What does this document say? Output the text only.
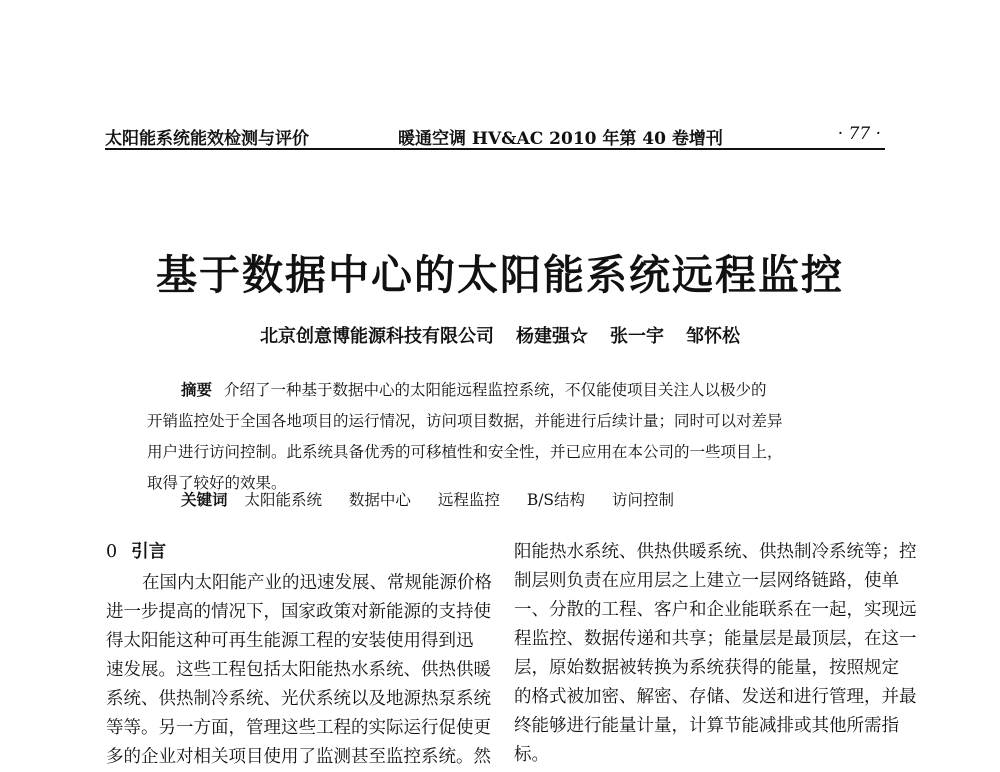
太阳能系统能效检测与评价	暖通空调 HV&AC 2010 年第 40 卷增刊	· 77 ·
基于数据中心的太阳能系统远程监控
北京创意博能源科技有限公司 杨建强☆ 张一宇 邹怀松
摘要 介绍了一种基于数据中心的太阳能远程监控系统，不仅能使项目关注人以极少的
开销监控处于全国各地项目的运行情况，访问项目数据，并能进行后续计量；同时可以对差异
用户进行访问控制。此系统具备优秀的可移植性和安全性，并已应用在本公司的一些项目上，
取得了较好的效果。
关键词 太阳能系统 数据中心 远程监控 B/S结构 访问控制
0 引言
在国内太阳能产业的迅速发展、常规能源价格
进一步提高的情况下，国家政策对新能源的支持使
得太阳能这种可再生能源工程的安装使用得到迅
速发展。这些工程包括太阳能热水系统、供热供暖
系统、供热制冷系统、光伏系统以及地源热泵系统
等等。另一方面，管理这些工程的实际运行促使更
多的企业对相关项目使用了监测甚至监控系统。然
阳能热水系统、供热供暖系统、供热制冷系统等；控
制层则负责在应用层之上建立一层网络链路，使单
一、分散的工程、客户和企业能联系在一起，实现远
程监控、数据传递和共享；能量层是最顶层，在这一
层，原始数据被转换为系统获得的能量，按照规定
的格式被加密、解密、存储、发送和进行管理，并最
终能够进行能量计量，计算节能减排或其他所需指
标。
